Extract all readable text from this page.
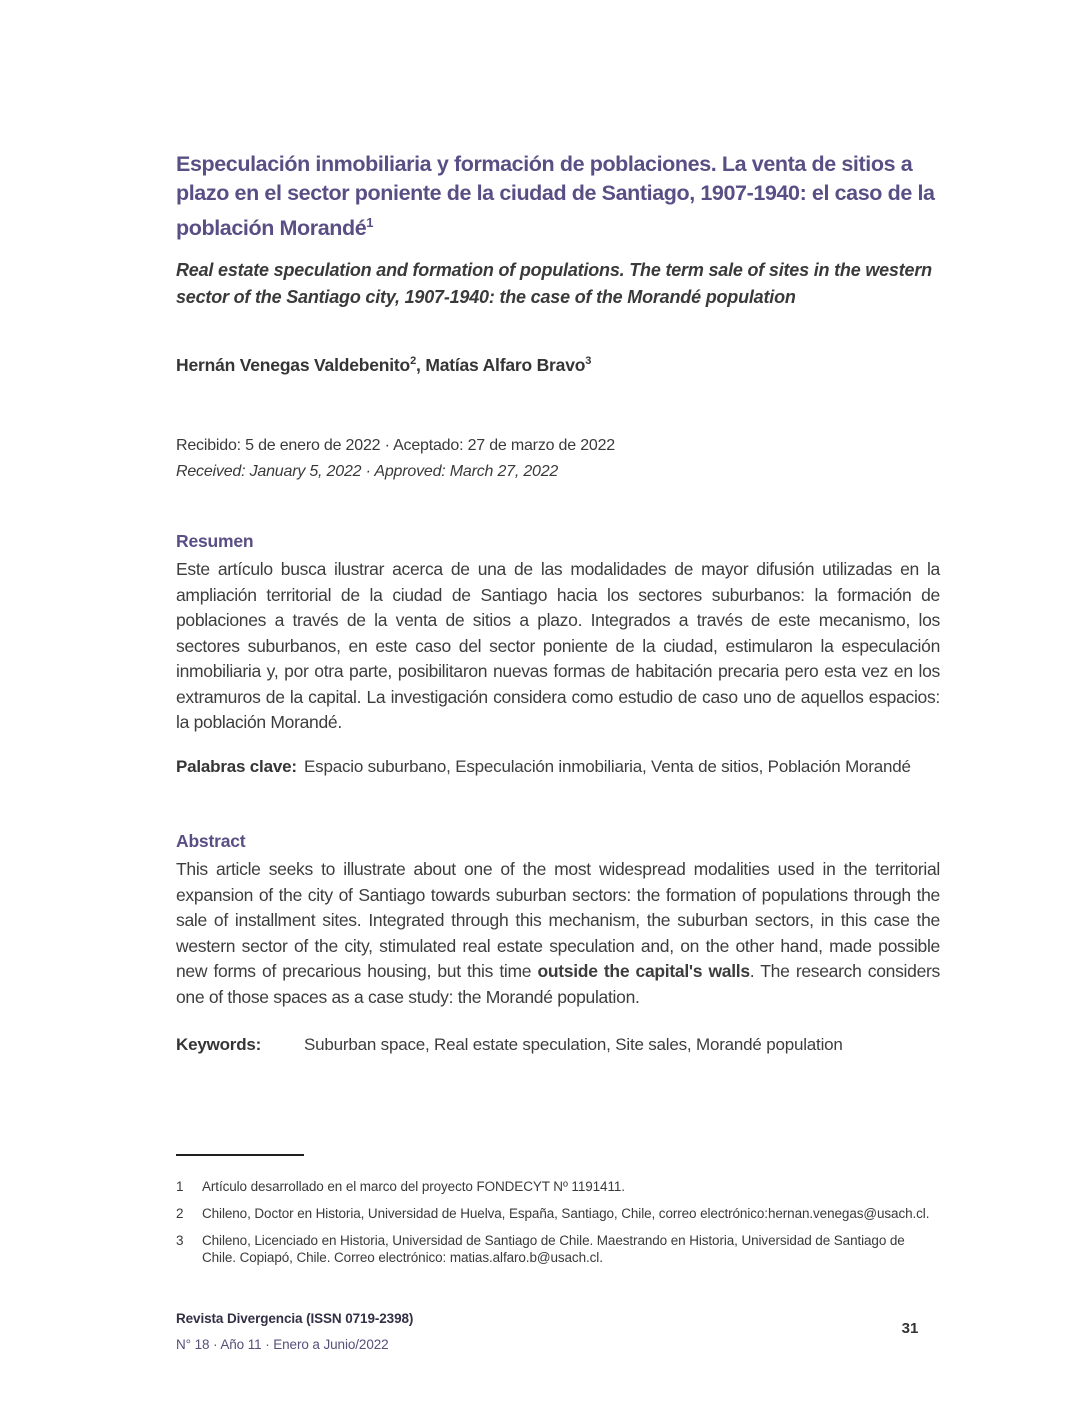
Especulación inmobiliaria y formación de poblaciones. La venta de sitios a plazo en el sector poniente de la ciudad de Santiago, 1907-1940: el caso de la población Morandé$^1$
Real estate speculation and formation of populations. The term sale of sites in the western sector of the Santiago city, 1907-1940: the case of the Morandé population
Hernán Venegas Valdebenito$^2$, Matías Alfaro Bravo$^3$
Recibido: 5 de enero de 2022 · Aceptado: 27 de marzo de 2022
Received: January 5, 2022 · Approved: March 27, 2022
Resumen

Este artículo busca ilustrar acerca de una de las modalidades de mayor difusión utilizadas en la ampliación territorial de la ciudad de Santiago hacia los sectores suburbanos: la formación de poblaciones a través de la venta de sitios a plazo. Integrados a través de este mecanismo, los sectores suburbanos, en este caso del sector poniente de la ciudad, estimularon la especulación inmobiliaria y, por otra parte, posibilitaron nuevas formas de habitación precaria pero esta vez en los extramuros de la capital. La investigación considera como estudio de caso uno de aquellos espacios: la población Morandé.

Palabras clave: Espacio suburbano, Especulación inmobiliaria, Venta de sitios, Población Morandé
Abstract

This article seeks to illustrate about one of the most widespread modalities used in the territorial expansion of the city of Santiago towards suburban sectors: the formation of populations through the sale of installment sites. Integrated through this mechanism, the suburban sectors, in this case the western sector of the city, stimulated real estate speculation and, on the other hand, made possible new forms of precarious housing, but this time outside the capital's walls. The research considers one of those spaces as a case study: the Morandé population.

Keywords:	Suburban space, Real estate speculation, Site sales, Morandé population
1	Artículo desarrollado en el marco del proyecto FONDECYT Nº 1191411.
2	Chileno, Doctor en Historia, Universidad de Huelva, España, Santiago, Chile, correo electrónico:hernan.venegas@usach.cl.
3	Chileno, Licenciado en Historia, Universidad de Santiago de Chile. Maestrando en Historia, Universidad de Santiago de Chile. Copiapó, Chile. Correo electrónico: matias.alfaro.b@usach.cl.
Revista Divergencia (ISSN 0719-2398)
N° 18 · Año 11 · Enero a Junio/2022
31
